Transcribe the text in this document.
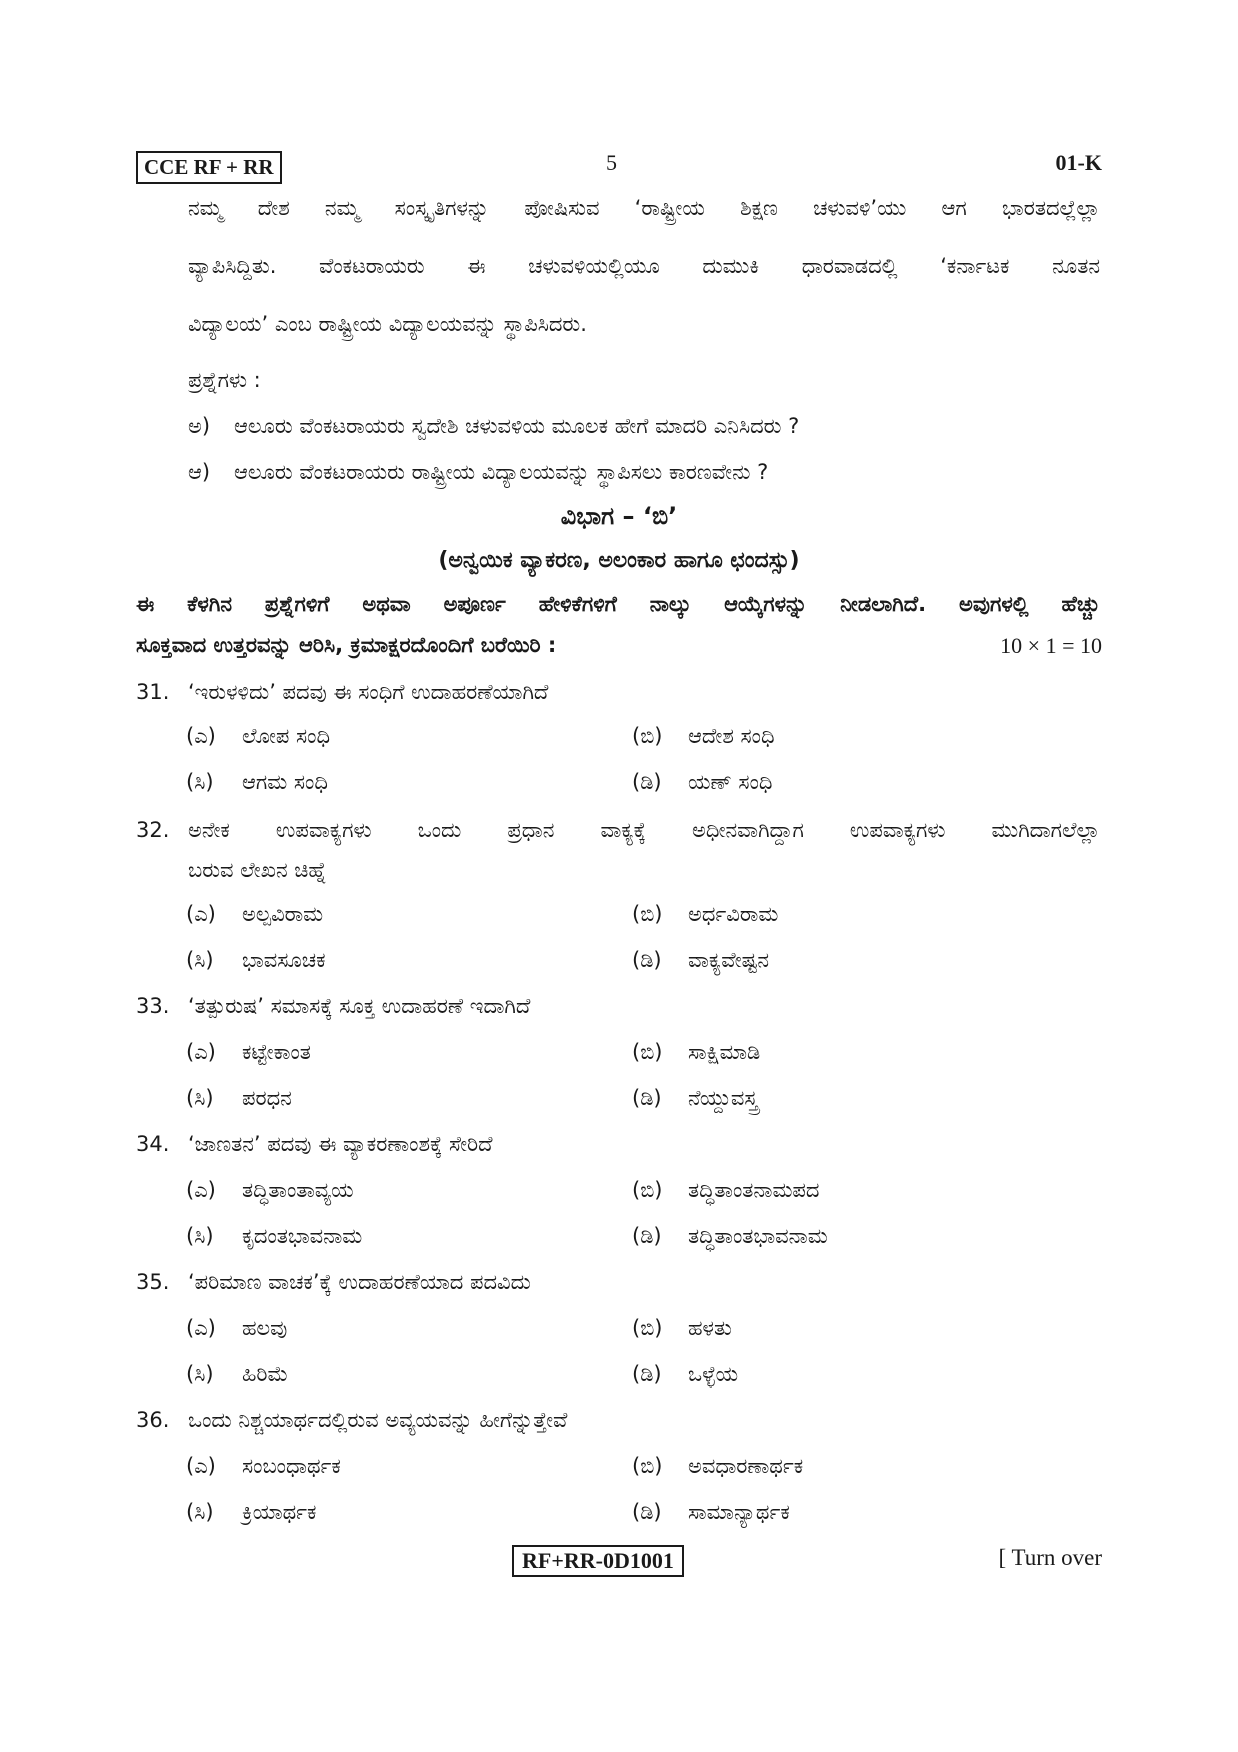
CCE RF + RR	5	01-K
ನಮ್ಮ ದೇಶ ನಮ್ಮ ಸಂಸ್ಕೃತಿಗಳನ್ನು ಪೋಷಿಸುವ ‘ರಾಷ್ಟ್ರೀಯ ಶಿಕ್ಷಣ ಚಳುವಳಿ’ಯು ಆಗ ಭಾರತದಲ್ಲೆಲ್ಲಾ
ವ್ಯಾಪಿಸಿದ್ದಿತು. ವೆಂಕಟರಾಯರು ಈ ಚಳುವಳಿಯಲ್ಲಿಯೂ ದುಮುಕಿ ಧಾರವಾಡದಲ್ಲಿ ‘ಕರ್ನಾಟಕ ನೂತನ
ವಿದ್ಯಾಲಯ’ ಎಂಬ ರಾಷ್ಟ್ರೀಯ ವಿದ್ಯಾಲಯವನ್ನು ಸ್ಥಾಪಿಸಿದರು.
ಪ್ರಶ್ನೆಗಳು :
ಅ) ಆಲೂರು ವೆಂಕಟರಾಯರು ಸ್ವದೇಶಿ ಚಳುವಳಿಯ ಮೂಲಕ ಹೇಗೆ ಮಾದರಿ ಎನಿಸಿದರು ?
ಆ) ಆಲೂರು ವೆಂಕಟರಾಯರು ರಾಷ್ಟ್ರೀಯ ವಿದ್ಯಾಲಯವನ್ನು ಸ್ಥಾಪಿಸಲು ಕಾರಣವೇನು ?
ವಿಭಾಗ – ‘ಬಿ’
(ಅನ್ವಯಿಕ ವ್ಯಾಕರಣ, ಅಲಂಕಾರ ಹಾಗೂ ಛಂದಸ್ಸು)
ಈ ಕೆಳಗಿನ ಪ್ರಶ್ನೆಗಳಿಗೆ ಅಥವಾ ಅಪೂರ್ಣ ಹೇಳಿಕೆಗಳಿಗೆ ನಾಲ್ಕು ಆಯ್ಕೆಗಳನ್ನು ನೀಡಲಾಗಿದೆ. ಅವುಗಳಲ್ಲಿ ಹೆಚ್ಚು
ಸೂಕ್ತವಾದ ಉತ್ತರವನ್ನು ಆರಿಸಿ, ಕ್ರಮಾಕ್ಷರದೊಂದಿಗೆ ಬರೆಯಿರಿ :	10 × 1 = 10
31. ‘ಇರುಳಳಿದು’ ಪದವು ಈ ಸಂಧಿಗೆ ಉದಾಹರಣೆಯಾಗಿದೆ
(ಎ) ಲೋಪ ಸಂಧಿ	(ಬಿ) ಆದೇಶ ಸಂಧಿ
(ಸಿ) ಆಗಮ ಸಂಧಿ	(ಡಿ) ಯಣ್ ಸಂಧಿ
32. ಅನೇಕ ಉಪವಾಕ್ಯಗಳು ಒಂದು ಪ್ರಧಾನ ವಾಕ್ಯಕ್ಕೆ ಅಧೀನವಾಗಿದ್ದಾಗ ಉಪವಾಕ್ಯಗಳು ಮುಗಿದಾಗಲೆಲ್ಲಾ
ಬರುವ ಲೇಖನ ಚಿಹ್ನೆ
(ಎ) ಅಲ್ಪವಿರಾಮ	(ಬಿ) ಅರ್ಧವಿರಾಮ
(ಸಿ) ಭಾವಸೂಚಕ	(ಡಿ) ವಾಕ್ಯವೇಷ್ಟನ
33. ‘ತತ್ಪುರುಷ’ ಸಮಾಸಕ್ಕೆ ಸೂಕ್ತ ಉದಾಹರಣೆ ಇದಾಗಿದೆ
(ಎ) ಕಟ್ಟೇಕಾಂತ	(ಬಿ) ಸಾಕ್ಷಿಮಾಡಿ
(ಸಿ) ಪರಧನ	(ಡಿ) ನೆಯ್ದುವಸ್ತ್ರ
34. ‘ಜಾಣತನ’ ಪದವು ಈ ವ್ಯಾಕರಣಾಂಶಕ್ಕೆ ಸೇರಿದೆ
(ಎ) ತದ್ಧಿತಾಂತಾವ್ಯಯ	(ಬಿ) ತದ್ಧಿತಾಂತನಾಮಪದ
(ಸಿ) ಕೃದಂತಭಾವನಾಮ	(ಡಿ) ತದ್ಧಿತಾಂತಭಾವನಾಮ
35. ‘ಪರಿಮಾಣ ವಾಚಕ’ಕ್ಕೆ ಉದಾಹರಣೆಯಾದ ಪದವಿದು
(ಎ) ಹಲವು	(ಬಿ) ಹಳತು
(ಸಿ) ಹಿರಿಮೆ	(ಡಿ) ಒಳ್ಳೆಯ
36. ಒಂದು ನಿಶ್ಚಯಾರ್ಥದಲ್ಲಿರುವ ಅವ್ಯಯವನ್ನು ಹೀಗೆನ್ನುತ್ತೇವೆ
(ಎ) ಸಂಬಂಧಾರ್ಥಕ	(ಬಿ) ಅವಧಾರಣಾರ್ಥಕ
(ಸಿ) ಕ್ರಿಯಾರ್ಥಕ	(ಡಿ) ಸಾಮಾನ್ಯಾರ್ಥಕ
RF+RR-0D1001	[ Turn over
